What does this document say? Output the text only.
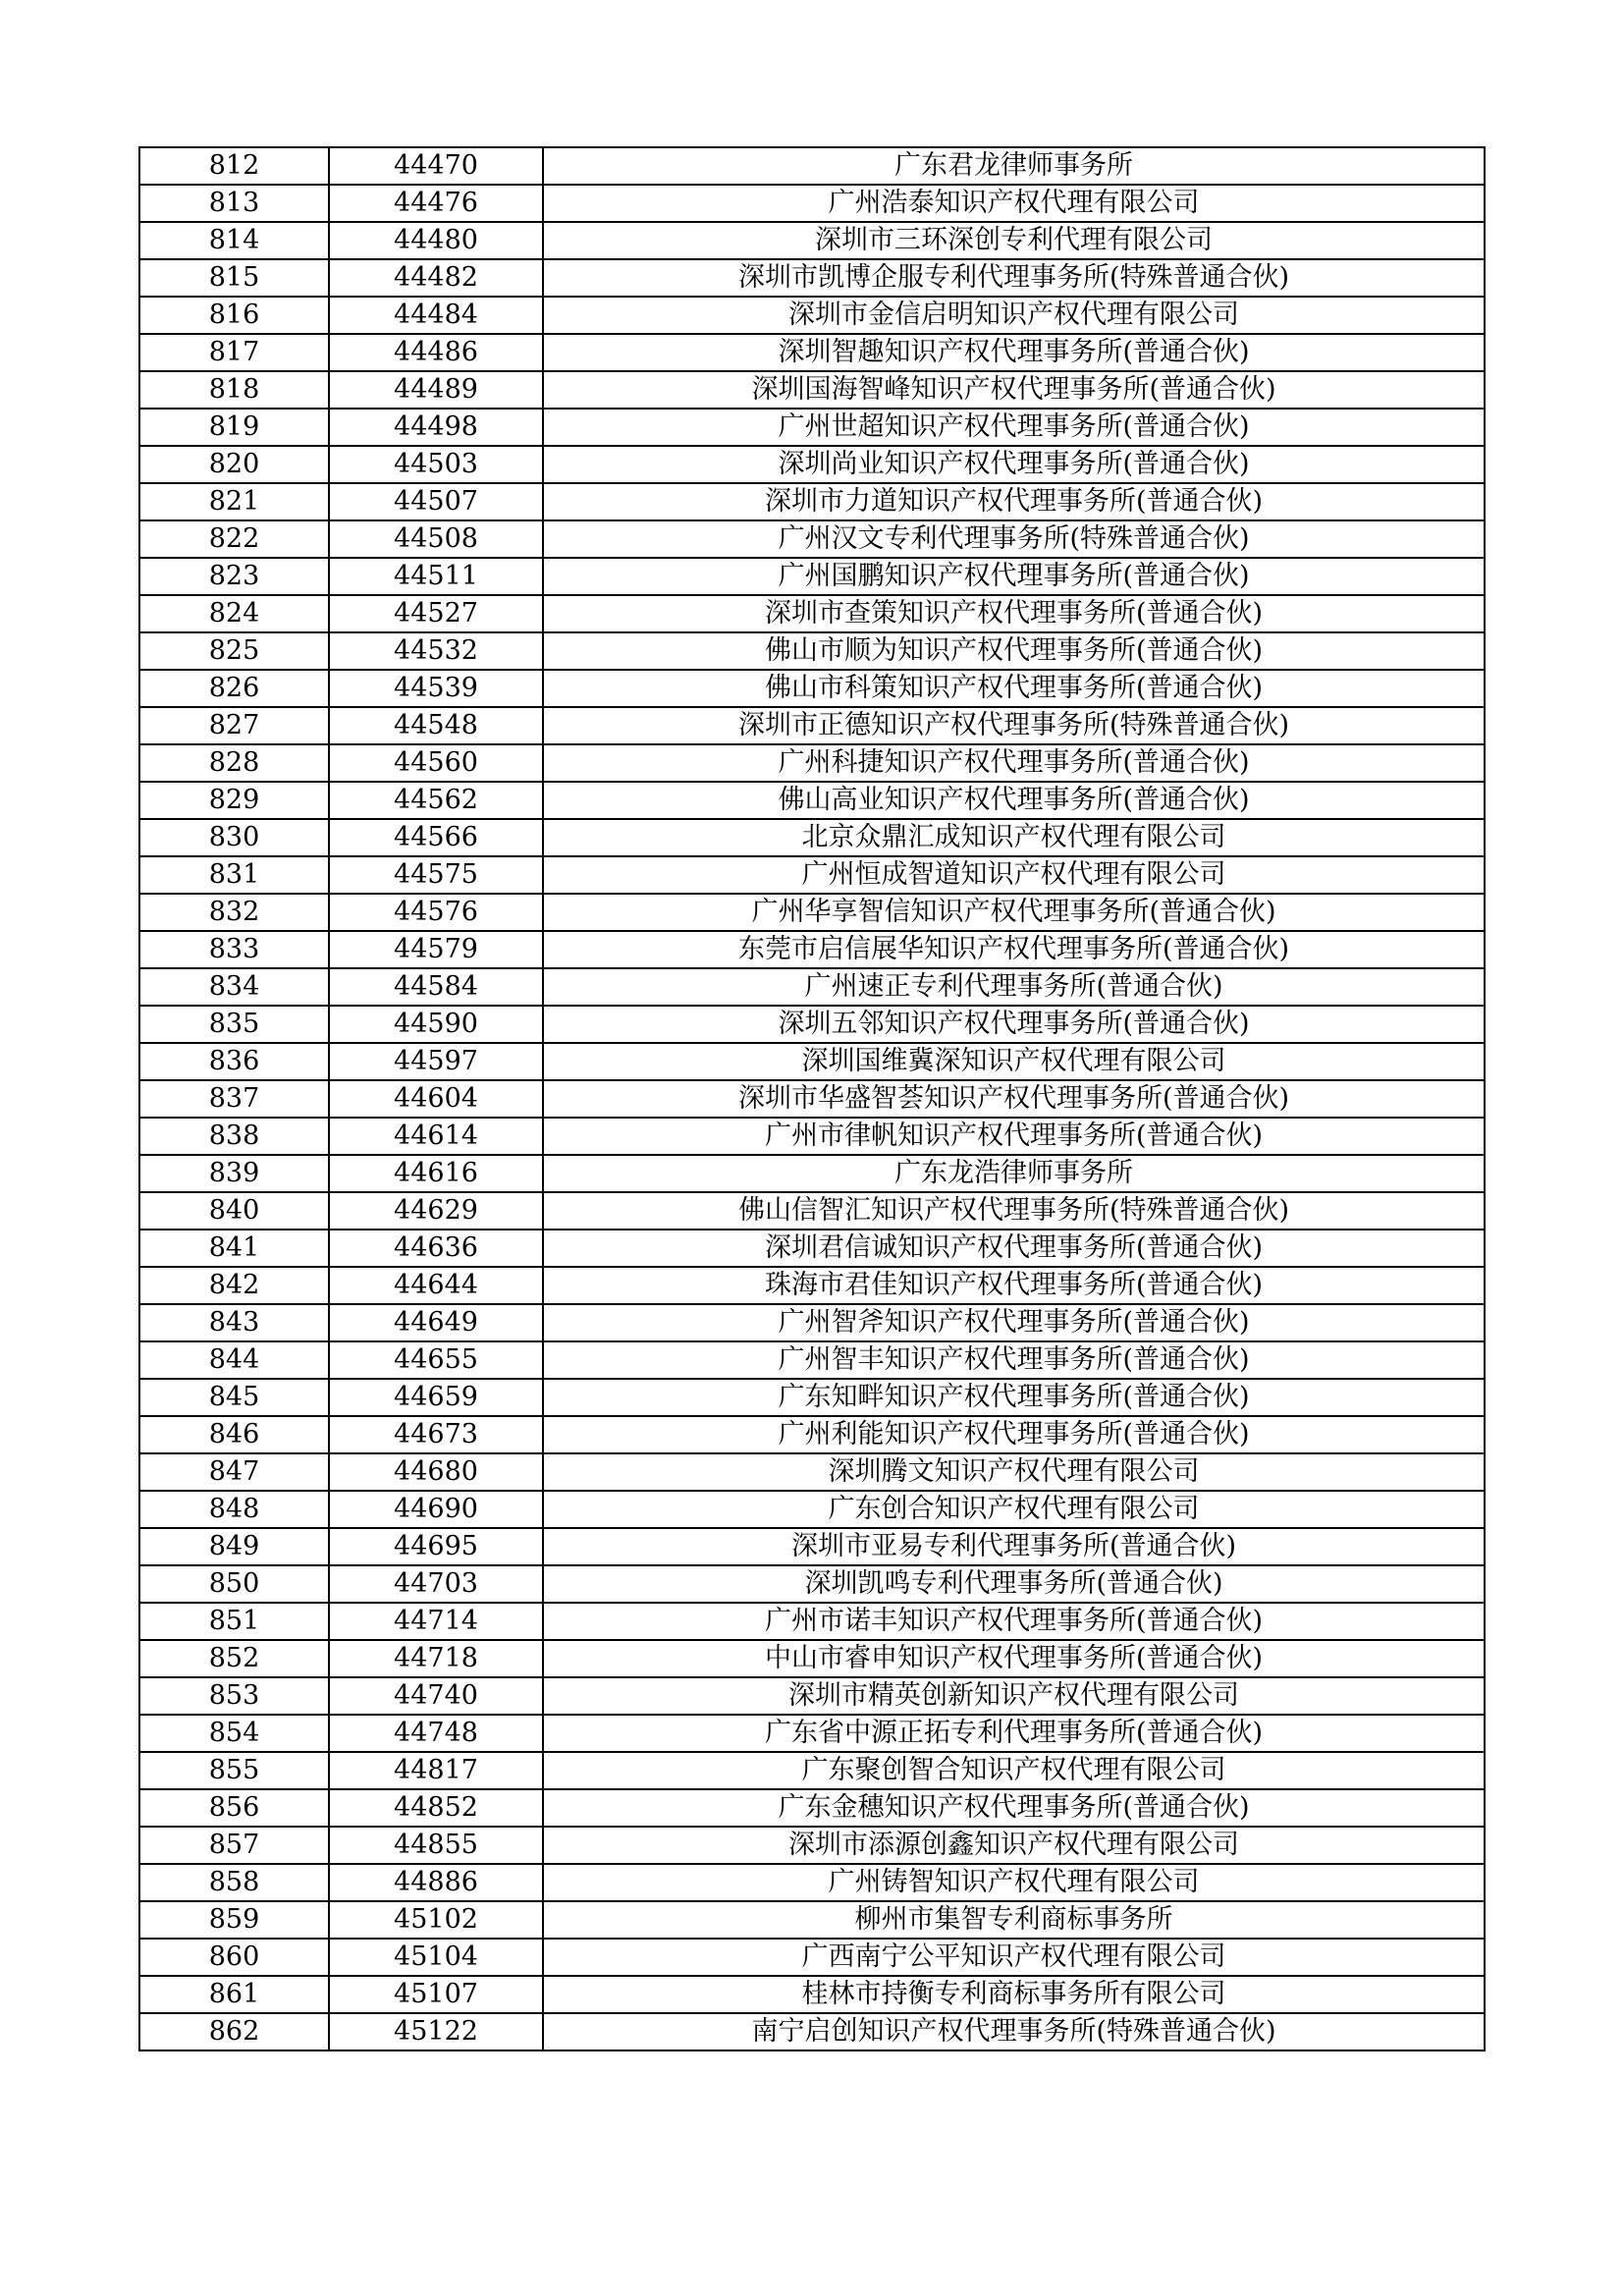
812	44470	广东君龙律师事务所
813	44476	广州浩泰知识产权代理有限公司
814	44480	深圳市三环深创专利代理有限公司
815	44482	深圳市凯博企服专利代理事务所(特殊普通合伙)
816	44484	深圳市金信启明知识产权代理有限公司
817	44486	深圳智趣知识产权代理事务所(普通合伙)
818	44489	深圳国海智峰知识产权代理事务所(普通合伙)
819	44498	广州世超知识产权代理事务所(普通合伙)
820	44503	深圳尚业知识产权代理事务所(普通合伙)
821	44507	深圳市力道知识产权代理事务所(普通合伙)
822	44508	广州汉文专利代理事务所(特殊普通合伙)
823	44511	广州国鹏知识产权代理事务所(普通合伙)
824	44527	深圳市查策知识产权代理事务所(普通合伙)
825	44532	佛山市顺为知识产权代理事务所(普通合伙)
826	44539	佛山市科策知识产权代理事务所(普通合伙)
827	44548	深圳市正德知识产权代理事务所(特殊普通合伙)
828	44560	广州科捷知识产权代理事务所(普通合伙)
829	44562	佛山高业知识产权代理事务所(普通合伙)
830	44566	北京众鼎汇成知识产权代理有限公司
831	44575	广州恒成智道知识产权代理有限公司
832	44576	广州华享智信知识产权代理事务所(普通合伙)
833	44579	东莞市启信展华知识产权代理事务所(普通合伙)
834	44584	广州速正专利代理事务所(普通合伙)
835	44590	深圳五邻知识产权代理事务所(普通合伙)
836	44597	深圳国维冀深知识产权代理有限公司
837	44604	深圳市华盛智荟知识产权代理事务所(普通合伙)
838	44614	广州市律帆知识产权代理事务所(普通合伙)
839	44616	广东龙浩律师事务所
840	44629	佛山信智汇知识产权代理事务所(特殊普通合伙)
841	44636	深圳君信诚知识产权代理事务所(普通合伙)
842	44644	珠海市君佳知识产权代理事务所(普通合伙)
843	44649	广州智斧知识产权代理事务所(普通合伙)
844	44655	广州智丰知识产权代理事务所(普通合伙)
845	44659	广东知畔知识产权代理事务所(普通合伙)
846	44673	广州利能知识产权代理事务所(普通合伙)
847	44680	深圳腾文知识产权代理有限公司
848	44690	广东创合知识产权代理有限公司
849	44695	深圳市亚易专利代理事务所(普通合伙)
850	44703	深圳凯鸣专利代理事务所(普通合伙)
851	44714	广州市诺丰知识产权代理事务所(普通合伙)
852	44718	中山市睿申知识产权代理事务所(普通合伙)
853	44740	深圳市精英创新知识产权代理有限公司
854	44748	广东省中源正拓专利代理事务所(普通合伙)
855	44817	广东聚创智合知识产权代理有限公司
856	44852	广东金穗知识产权代理事务所(普通合伙)
857	44855	深圳市添源创鑫知识产权代理有限公司
858	44886	广州铸智知识产权代理有限公司
859	45102	柳州市集智专利商标事务所
860	45104	广西南宁公平知识产权代理有限公司
861	45107	桂林市持衡专利商标事务所有限公司
862	45122	南宁启创知识产权代理事务所(特殊普通合伙)
